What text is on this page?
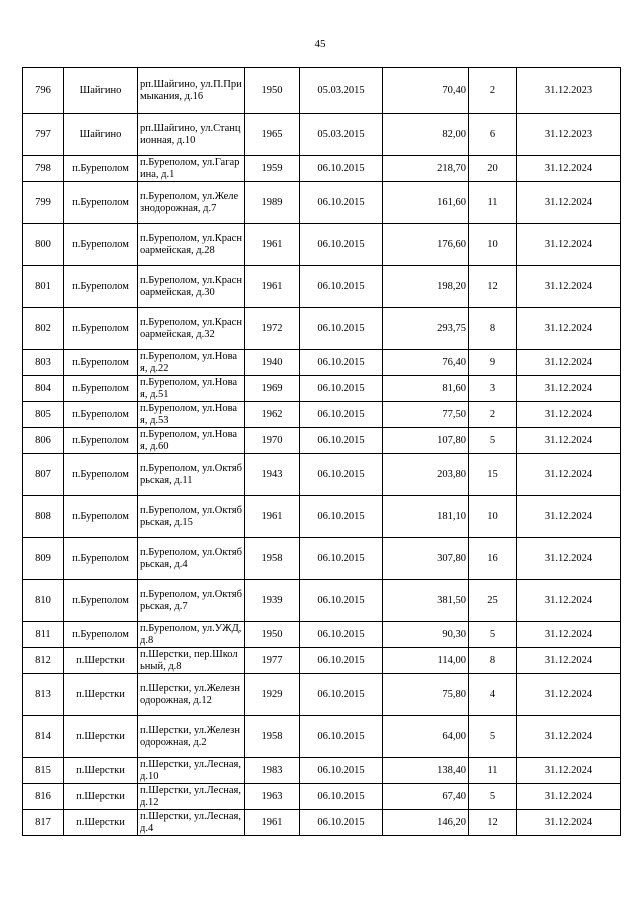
45
796	Шайгино	рп.Шайгино, ул.П.Примыкания, д.16	1950	05.03.2015	70,40	2	31.12.2023
797	Шайгино	рп.Шайгино, ул.Станционная, д.10	1965	05.03.2015	82,00	6	31.12.2023
798	п.Буреполом	п.Буреполом, ул.Гагарина, д.1	1959	06.10.2015	218,70	20	31.12.2024
799	п.Буреполом	п.Буреполом, ул.Железнодорожная, д.7	1989	06.10.2015	161,60	11	31.12.2024
800	п.Буреполом	п.Буреполом, ул.Красноармейская, д.28	1961	06.10.2015	176,60	10	31.12.2024
801	п.Буреполом	п.Буреполом, ул.Красноармейская, д.30	1961	06.10.2015	198,20	12	31.12.2024
802	п.Буреполом	п.Буреполом, ул.Красноармейская, д.32	1972	06.10.2015	293,75	8	31.12.2024
803	п.Буреполом	п.Буреполом, ул.Новая, д.22	1940	06.10.2015	76,40	9	31.12.2024
804	п.Буреполом	п.Буреполом, ул.Новая, д.51	1969	06.10.2015	81,60	3	31.12.2024
805	п.Буреполом	п.Буреполом, ул.Новая, д.53	1962	06.10.2015	77,50	2	31.12.2024
806	п.Буреполом	п.Буреполом, ул.Новая, д.60	1970	06.10.2015	107,80	5	31.12.2024
807	п.Буреполом	п.Буреполом, ул.Октябрьская, д.11	1943	06.10.2015	203,80	15	31.12.2024
808	п.Буреполом	п.Буреполом, ул.Октябрьская, д.15	1961	06.10.2015	181,10	10	31.12.2024
809	п.Буреполом	п.Буреполом, ул.Октябрьская, д.4	1958	06.10.2015	307,80	16	31.12.2024
810	п.Буреполом	п.Буреполом, ул.Октябрьская, д.7	1939	06.10.2015	381,50	25	31.12.2024
811	п.Буреполом	п.Буреполом, ул.УЖД, д.8	1950	06.10.2015	90,30	5	31.12.2024
812	п.Шерстки	п.Шерстки, пер.Школьный, д.8	1977	06.10.2015	114,00	8	31.12.2024
813	п.Шерстки	п.Шерстки, ул.Железнодорожная, д.12	1929	06.10.2015	75,80	4	31.12.2024
814	п.Шерстки	п.Шерстки, ул.Железнодорожная, д.2	1958	06.10.2015	64,00	5	31.12.2024
815	п.Шерстки	п.Шерстки, ул.Лесная, д.10	1983	06.10.2015	138,40	11	31.12.2024
816	п.Шерстки	п.Шерстки, ул.Лесная, д.12	1963	06.10.2015	67,40	5	31.12.2024
817	п.Шерстки	п.Шерстки, ул.Лесная, д.4	1961	06.10.2015	146,20	12	31.12.2024
